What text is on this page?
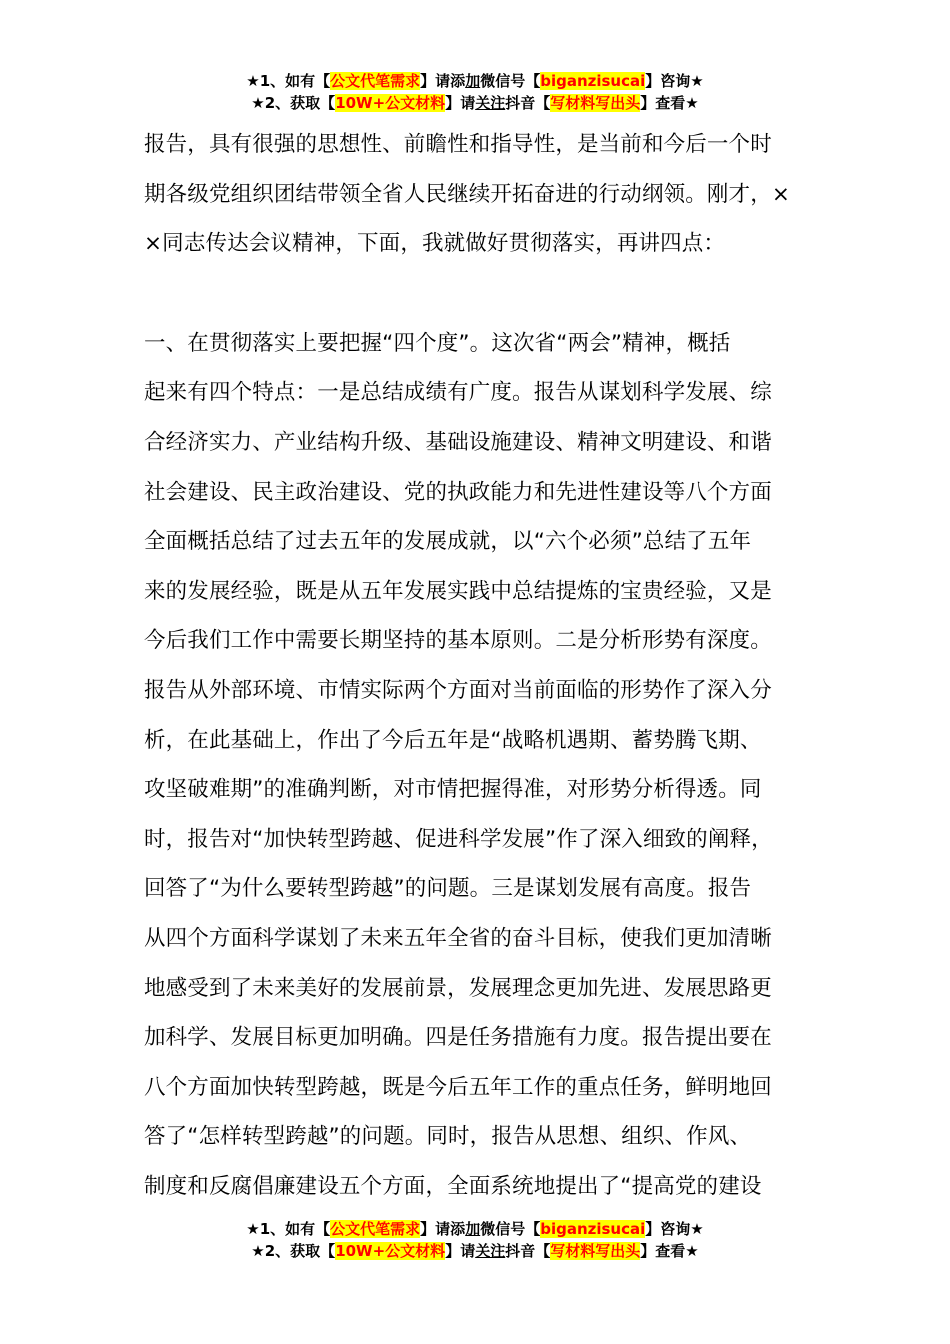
★1、如有【公文代笔需求】请添加微信号【biganzisucai】咨询★
★2、获取【10W+公文材料】请关注抖音【写材料写出头】查看★
报告，具有很强的思想性、前瞻性和指导性，是当前和今后一个时
期各级党组织团结带领全省人民继续开拓奋进的行动纲领。刚才，×
×同志传达会议精神，下面，我就做好贯彻落实，再讲四点：
一、在贯彻落实上要把握“四个度”。这次省“两会”精神，概括
起来有四个特点：一是总结成绩有广度。报告从谋划科学发展、综
合经济实力、产业结构升级、基础设施建设、精神文明建设、和谐
社会建设、民主政治建设、党的执政能力和先进性建设等八个方面
全面概括总结了过去五年的发展成就，以“六个必须”总结了五年
来的发展经验，既是从五年发展实践中总结提炼的宝贵经验，又是
今后我们工作中需要长期坚持的基本原则。二是分析形势有深度。
报告从外部环境、市情实际两个方面对当前面临的形势作了深入分
析，在此基础上，作出了今后五年是“战略机遇期、蓄势腾飞期、
攻坚破难期”的准确判断，对市情把握得准，对形势分析得透。同
时，报告对“加快转型跨越、促进科学发展”作了深入细致的阐释，
回答了“为什么要转型跨越”的问题。三是谋划发展有高度。报告
从四个方面科学谋划了未来五年全省的奋斗目标，使我们更加清晰
地感受到了未来美好的发展前景，发展理念更加先进、发展思路更
加科学、发展目标更加明确。四是任务措施有力度。报告提出要在
八个方面加快转型跨越，既是今后五年工作的重点任务，鲜明地回
答了“怎样转型跨越”的问题。同时，报告从思想、组织、作风、
制度和反腐倡廉建设五个方面，全面系统地提出了“提高党的建设
★1、如有【公文代笔需求】请添加微信号【biganzisucai】咨询★
★2、获取【10W+公文材料】请关注抖音【写材料写出头】查看★
